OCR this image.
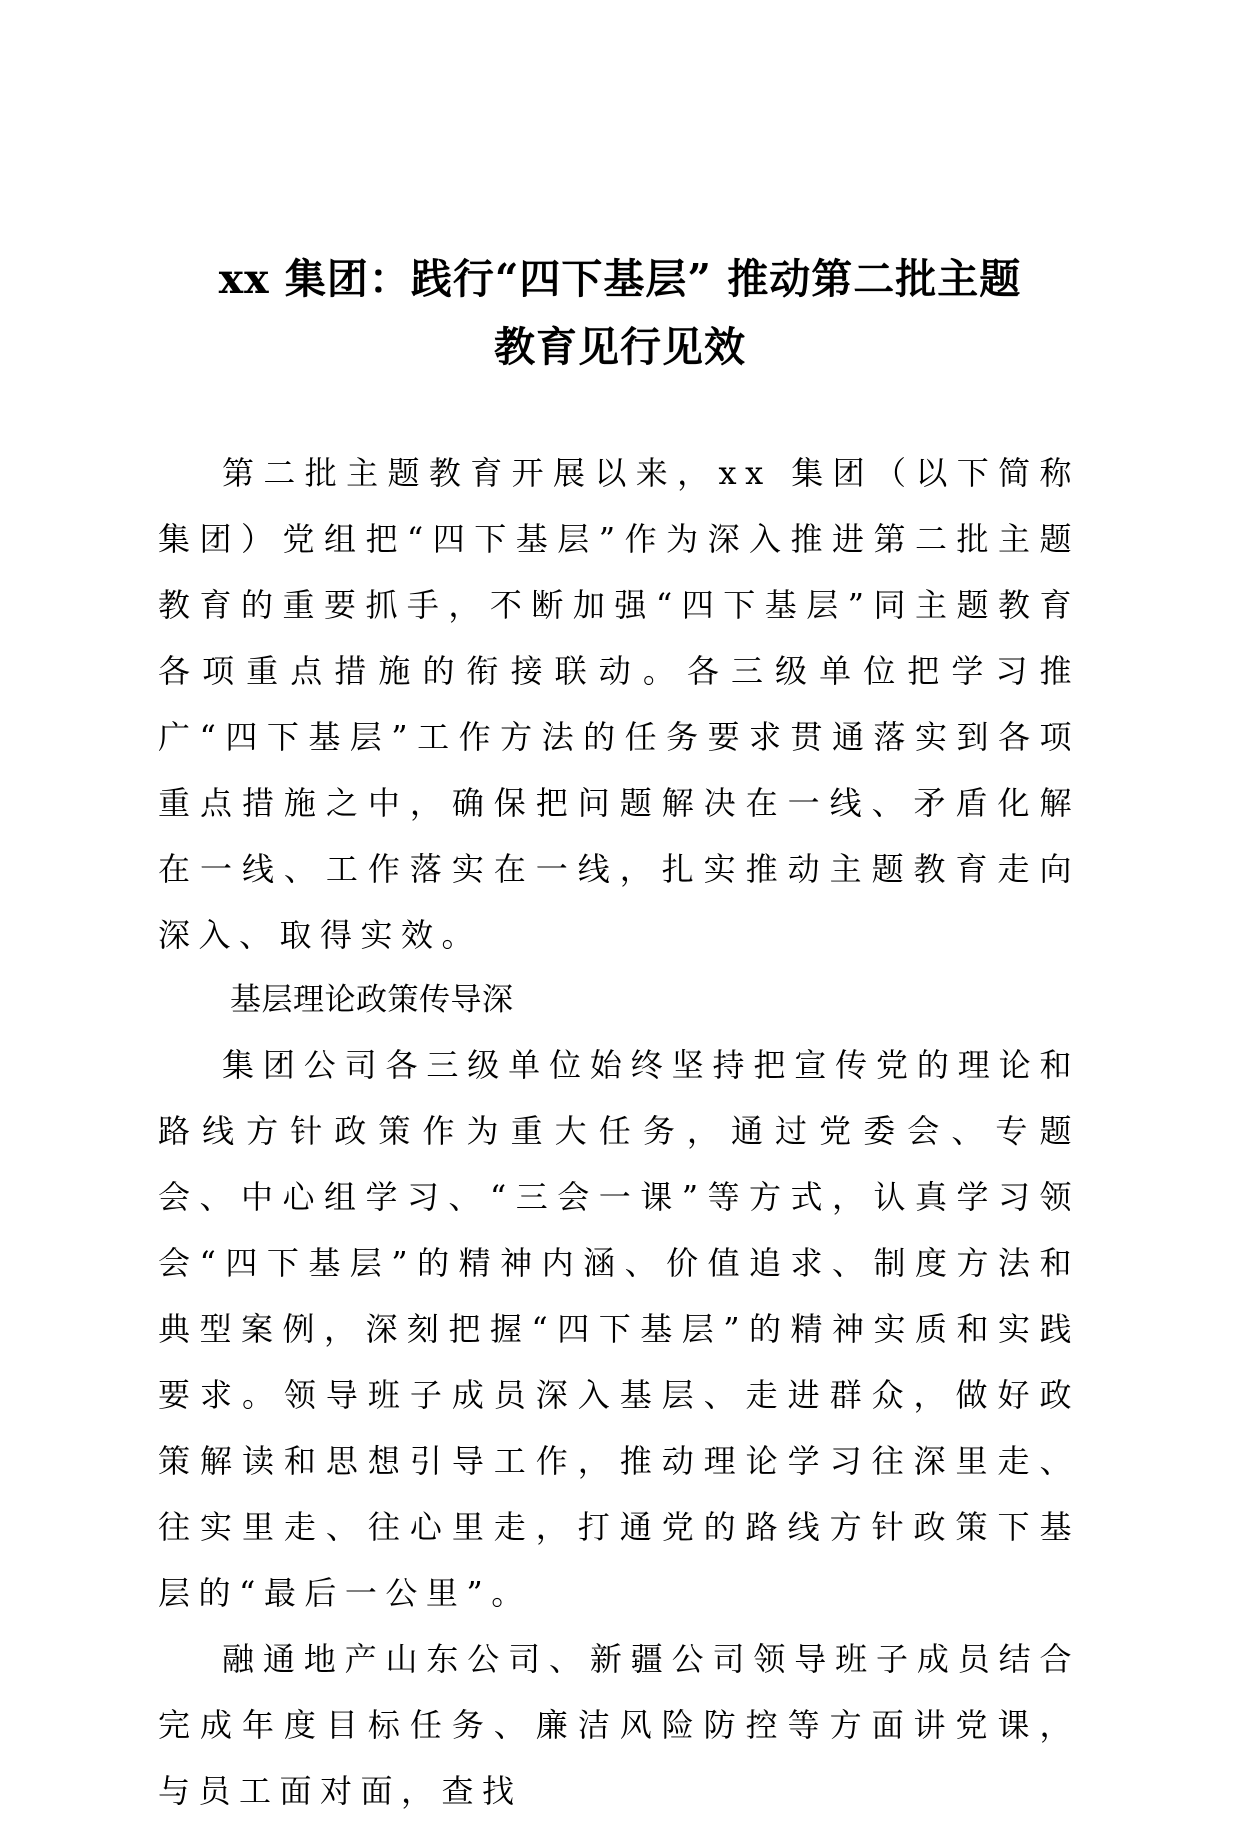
xx 集团：践行“四下基层” 推动第二批主题
教育见行见效

第二批主题教育开展以来，xx 集团（以下简称集团）党组把“四下基层”作为深入推进第二批主题教育的重要抓手，不断加强“四下基层”同主题教育各项重点措施的衔接联动。各三级单位把学习推广“四下基层”工作方法的任务要求贯通落实到各项重点措施之中，确保把问题解决在一线、矛盾化解在一线、工作落实在一线，扎实推动主题教育走向深入、取得实效。

基层理论政策传导深

集团公司各三级单位始终坚持把宣传党的理论和路线方针政策作为重大任务，通过党委会、专题会、中心组学习、“三会一课”等方式，认真学习领会“四下基层”的精神内涵、价值追求、制度方法和典型案例，深刻把握“四下基层”的精神实质和实践要求。领导班子成员深入基层、走进群众，做好政策解读和思想引导工作，推动理论学习往深里走、往实里走、往心里走，打通党的路线方针政策下基层的“最后一公里”。

融通地产山东公司、新疆公司领导班子成员结合完成年度目标任务、廉洁风险防控等方面讲党课，与员工面对面，查找
